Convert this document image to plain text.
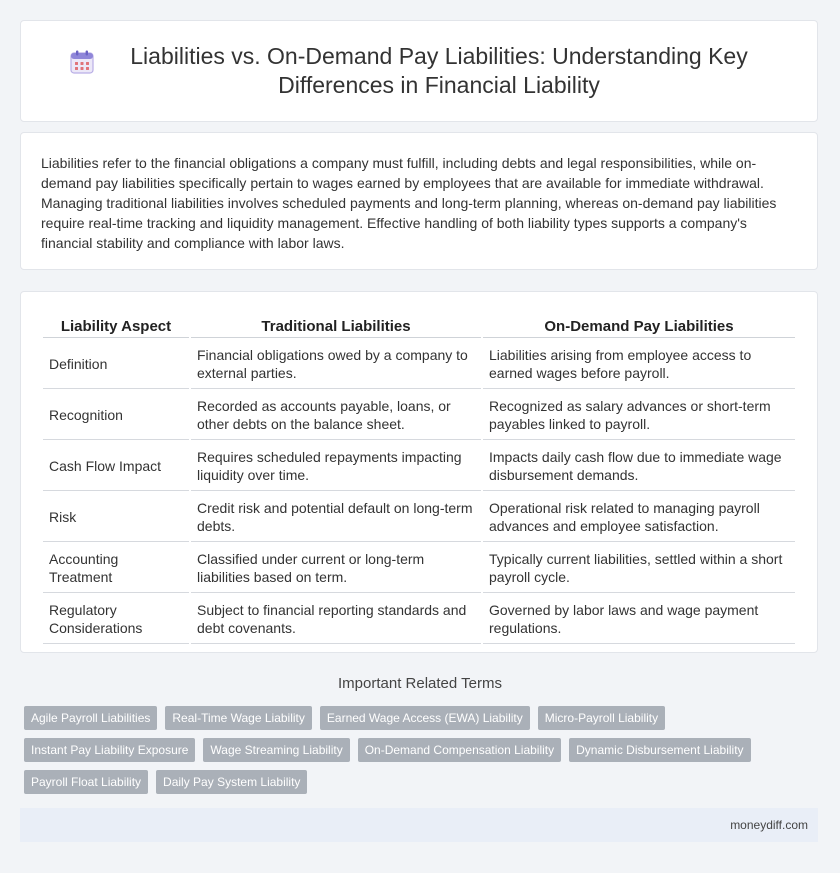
Liabilities vs. On-Demand Pay Liabilities: Understanding Key Differences in Financial Liability

Liabilities refer to the financial obligations a company must fulfill, including debts and legal responsibilities, while on-demand pay liabilities specifically pertain to wages earned by employees that are available for immediate withdrawal. Managing traditional liabilities involves scheduled payments and long-term planning, whereas on-demand pay liabilities require real-time tracking and liquidity management. Effective handling of both liability types supports a company's financial stability and compliance with labor laws.

Liability Aspect	Traditional Liabilities	On-Demand Pay Liabilities
Definition	Financial obligations owed by a company to external parties.	Liabilities arising from employee access to earned wages before payroll.
Recognition	Recorded as accounts payable, loans, or other debts on the balance sheet.	Recognized as salary advances or short-term payables linked to payroll.
Cash Flow Impact	Requires scheduled repayments impacting liquidity over time.	Impacts daily cash flow due to immediate wage disbursement demands.
Risk	Credit risk and potential default on long-term debts.	Operational risk related to managing payroll advances and employee satisfaction.
Accounting Treatment	Classified under current or long-term liabilities based on term.	Typically current liabilities, settled within a short payroll cycle.
Regulatory Considerations	Subject to financial reporting standards and debt covenants.	Governed by labor laws and wage payment regulations.
Important Related Terms
Agile Payroll Liabilities	Real-Time Wage Liability	Earned Wage Access (EWA) Liability	Micro-Payroll Liability
Instant Pay Liability Exposure	Wage Streaming Liability	On-Demand Compensation Liability	Dynamic Disbursement Liability
Payroll Float Liability	Daily Pay System Liability
moneydiff.com
